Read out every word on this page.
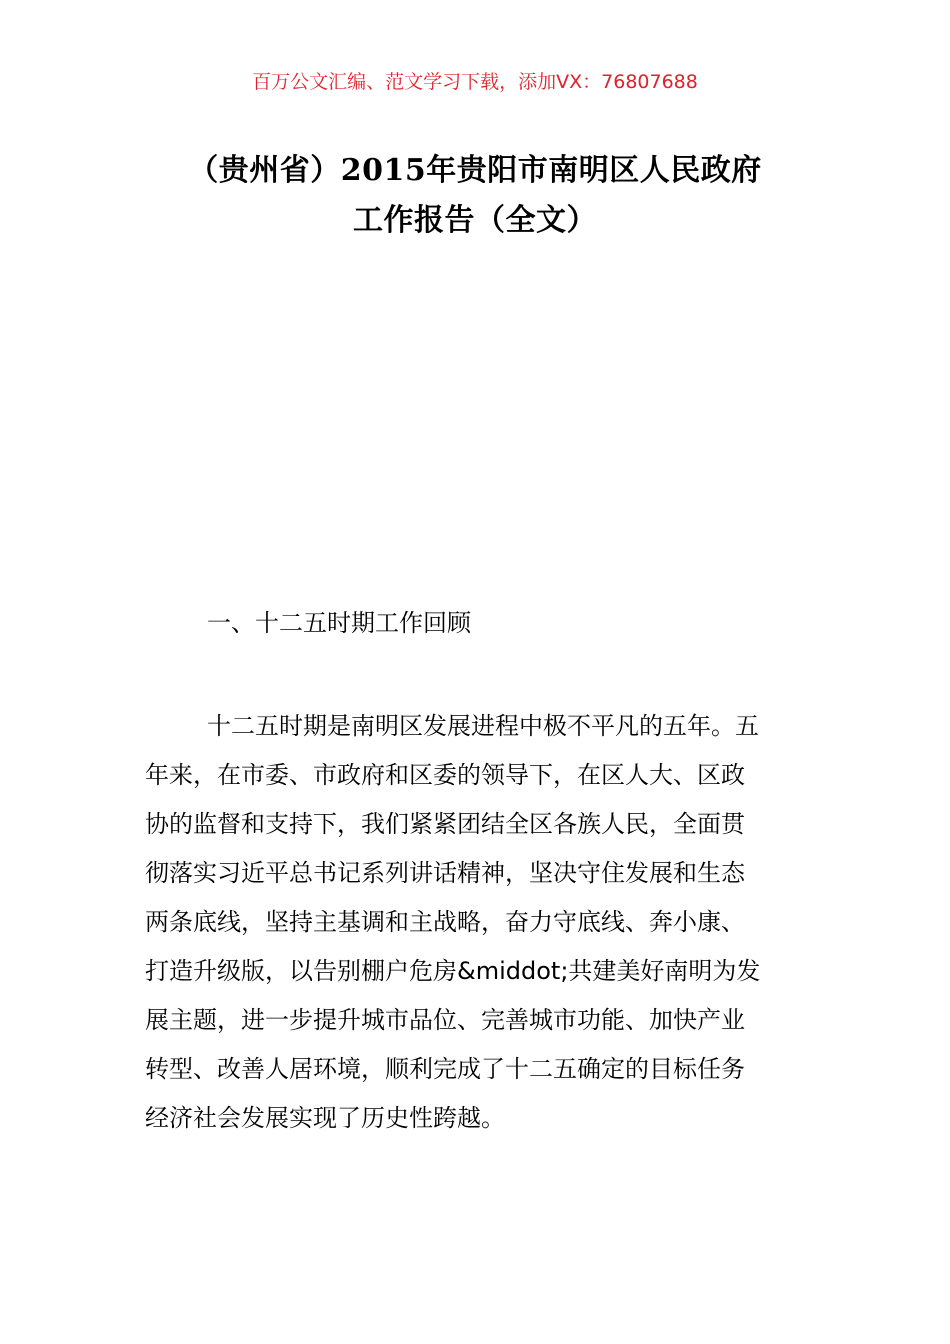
百万公文汇编、范文学习下载，添加VX：76807688
（贵州省）2015年贵阳市南明区人民政府
工作报告（全文）
一、十二五时期工作回顾
十二五时期是南明区发展进程中极不平凡的五年。五
年来，在市委、市政府和区委的领导下，在区人大、区政
协的监督和支持下，我们紧紧团结全区各族人民，全面贯
彻落实习近平总书记系列讲话精神，坚决守住发展和生态
两条底线，坚持主基调和主战略，奋力守底线、奔小康、
打造升级版，以告别棚户危房&middot;共建美好南明为发
展主题，进一步提升城市品位、完善城市功能、加快产业
转型、改善人居环境，顺利完成了十二五确定的目标任务
经济社会发展实现了历史性跨越。
